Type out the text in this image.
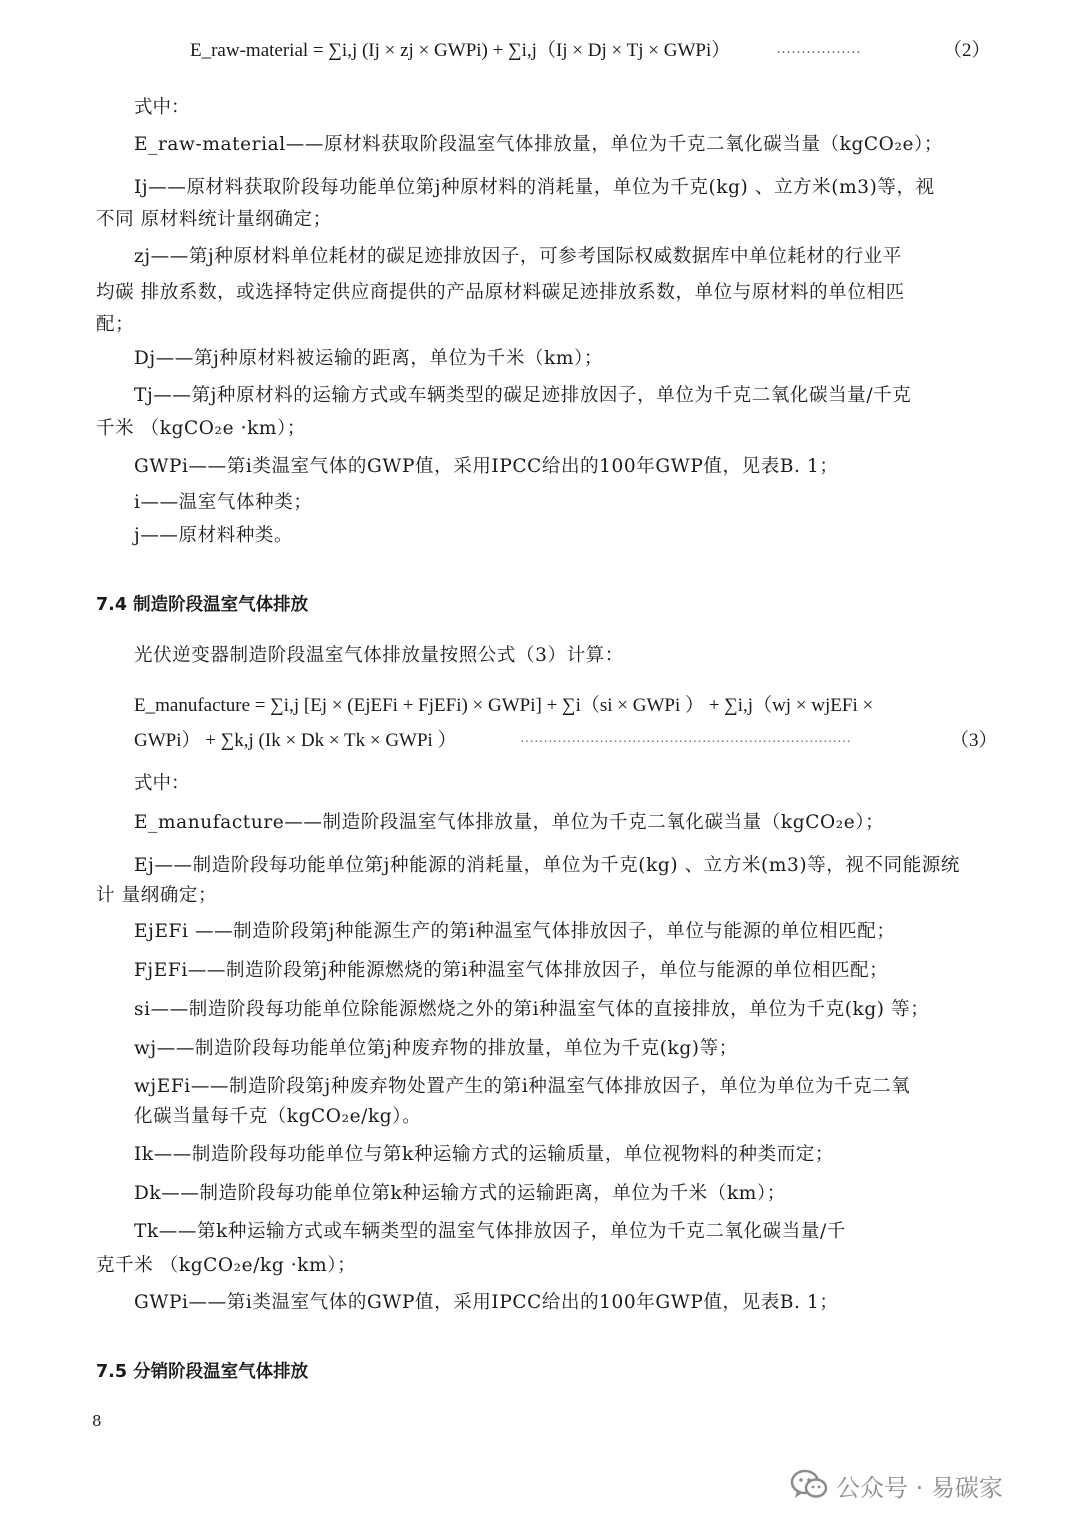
E_raw-material = ∑i,j (Ij × zj × GWPi) + ∑i,j（Ij × Dj × Tj × GWPi）	·················	（2）
式中：
E_raw-material——原材料获取阶段温室气体排放量，单位为千克二氧化碳当量（kgCO₂e）；
Ij——原材料获取阶段每功能单位第j种原材料的消耗量，单位为千克(kg) 、立方米(m3)等，视
不同 原材料统计量纲确定；
zj——第j种原材料单位耗材的碳足迹排放因子，可参考国际权威数据库中单位耗材的行业平
均碳 排放系数，或选择特定供应商提供的产品原材料碳足迹排放系数，单位与原材料的单位相匹
配；
Dj——第j种原材料被运输的距离，单位为千米（km）；
Tj——第j种原材料的运输方式或车辆类型的碳足迹排放因子，单位为千克二氧化碳当量/千克
千米 （kgCO₂e ·km）；
GWPi——第i类温室气体的GWP值，采用IPCC给出的100年GWP值，见表B. 1；
i——温室气体种类；
j——原材料种类。
7.4 制造阶段温室气体排放
光伏逆变器制造阶段温室气体排放量按照公式（3）计算：
E_manufacture = ∑i,j [Ej × (EjEFi + FjEFi) × GWPi] + ∑i（si × GWPi ） + ∑i,j（wj × wjEFi ×
GWPi） + ∑k,j (Ik × Dk × Tk × GWPi ）	·······································································	（3）
式中：
E_manufacture——制造阶段温室气体排放量，单位为千克二氧化碳当量（kgCO₂e）；
Ej——制造阶段每功能单位第j种能源的消耗量，单位为千克(kg) 、立方米(m3)等，视不同能源统
计 量纲确定；
EjEFi ——制造阶段第j种能源生产的第i种温室气体排放因子，单位与能源的单位相匹配；
FjEFi——制造阶段第j种能源燃烧的第i种温室气体排放因子，单位与能源的单位相匹配；
si——制造阶段每功能单位除能源燃烧之外的第i种温室气体的直接排放，单位为千克(kg) 等；
wj——制造阶段每功能单位第j种废弃物的排放量，单位为千克(kg)等；
wjEFi——制造阶段第j种废弃物处置产生的第i种温室气体排放因子，单位为单位为千克二氧
化碳当量每千克（kgCO₂e/kg）。
Ik——制造阶段每功能单位与第k种运输方式的运输质量，单位视物料的种类而定；
Dk——制造阶段每功能单位第k种运输方式的运输距离，单位为千米（km）；
Tk——第k种运输方式或车辆类型的温室气体排放因子，单位为千克二氧化碳当量/千
克千米 （kgCO₂e/kg ·km）；
GWPi——第i类温室气体的GWP值，采用IPCC给出的100年GWP值，见表B. 1；
7.5 分销阶段温室气体排放
8
公众号 · 易碳家
